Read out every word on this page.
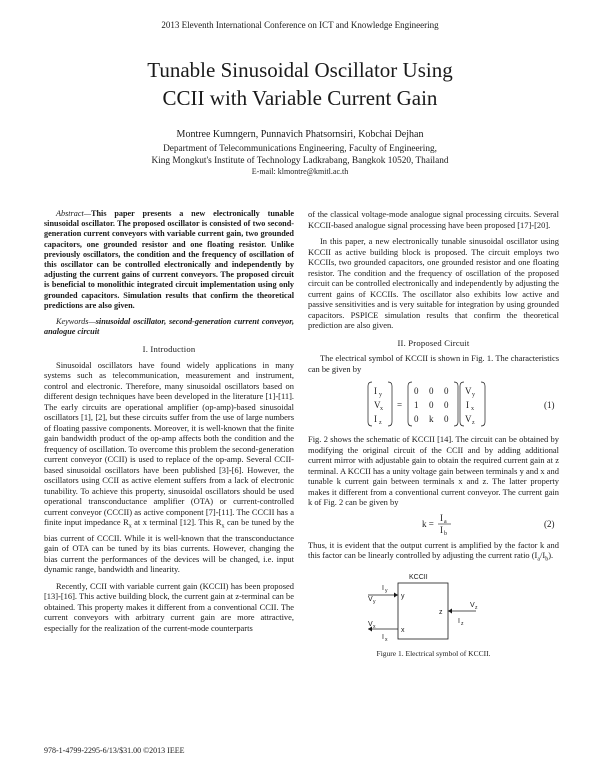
2013 Eleventh International Conference on ICT and Knowledge Engineering
Tunable Sinusoidal Oscillator Using
CCII with Variable Current Gain
Montree Kumngern, Punnavich Phatsornsiri, Kobchai Dejhan
Department of Telecommunications Engineering, Faculty of Engineering,
King Mongkut's Institute of Technology Ladkrabang, Bangkok 10520, Thailand
E-mail: klmontre@kmitl.ac.th

Abstract—This paper presents a new electronically tunable sinusoidal oscillator. The proposed oscillator is consisted of two second-generation current conveyors with variable current gain, two grounded capacitors, one grounded resistor and one floating resistor. Unlike previously oscillators, the condition and the frequency of oscillation of this oscillator can be controlled electronically and independently by adjusting the current gains of current conveyors. The proposed circuit is beneficial to monolithic integrated circuit implementation using only grounded capacitors. Simulation results that confirm the theoretical predictions are also given.

Keywords—sinusoidal oscillator, second-generation current conveyor, analogue circuit

I. Introduction

Sinusoidal oscillators have found widely applications in many systems such as telecommunication, measurement and instrument, control and electronic. Therefore, many sinusoidal oscillators based on different design techniques have been developed in the literature [1]-[11]. The early circuits are operational amplifier (op-amp)-based sinusoidal oscillators [1], [2], but these circuits suffer from the use of large numbers of floating passive components. Moreover, it is well-known that the finite gain bandwidth product of the op-amp affects both the condition and the frequency of oscillation. To overcome this problem the second-generation current conveyor (CCII) is used to replace of the op-amp. Several CCII-based sinusoidal oscillators have been published [3]-[6]. However, the oscillators using CCII as active element suffers from a lack of electronic tunability. To achieve this property, sinusoidal oscillators should be used operational transconductance amplifier (OTA) or current-controlled current conveyor (CCCII) as active component [7]-[11]. The CCCII has a finite input impedance $R_x$ at x terminal [12]. This $R_x$ can be tuned by the bias current of CCCII. While it is well-known that the transconductance gain of OTA can be tuned by its bias currents. However, changing the bias current the performances of the devices will be changed, i.e. input dynamic range, bandwidth and linearity.

Recently, CCII with variable current gain (KCCII) has been proposed [13]-[16]. This active building block, the current gain at z-terminal can be obtained. This property makes it different from a conventional CCII. The current conveyors with arbitrary current gain are more attractive, especially for the realization of the current-mode counterparts

of the classical voltage-mode analogue signal processing circuits. Several KCCII-based analogue signal processing have been proposed [17]-[20].

In this paper, a new electronically tunable sinusoidal oscillator using KCCII as active building block is proposed. The circuit employs two KCCIIs, two grounded capacitors, one grounded resistor and one floating resistor. The condition and the frequency of oscillation of the proposed circuit can be controlled electronically and independently by adjusting the current gains of KCCIIs. The oscillator also exhibits low active and passive sensitivities and is very suitable for integration by using grounded capacitors. PSPICE simulation results that confirm the theoretical prediction are also given.

II. Proposed Circuit

The electrical symbol of KCCII is shown in Fig. 1. The characteristics can be given by

I y
V x
I z
=
0 0 0
1 0 0
0 k 0
V y
I x
V z
(1)

Fig. 2 shows the schematic of KCCII [14]. The circuit can be obtained by modifying the original circuit of the CCII and by adding additional current mirror with adjustable gain to obtain the required current gain at z terminal. A KCCII has a unity voltage gain between terminals y and x and tunable k current gain between terminals x and z. The latter property makes it different from a conventional current conveyor. The current gain k of Fig. 2 can be given by

k =
I a
I b
(2)

Thus, it is evident that the output current is amplified by the factor k and this factor can be linearly controlled by adjusting the current ratio $(I_a/I_b)$.

KCCII
y
I y
V y
x
V x
I x
z
V z
I z
Figure 1. Electrical symbol of KCCII.
978-1-4799-2295-6/13/$31.00 ©2013 IEEE
